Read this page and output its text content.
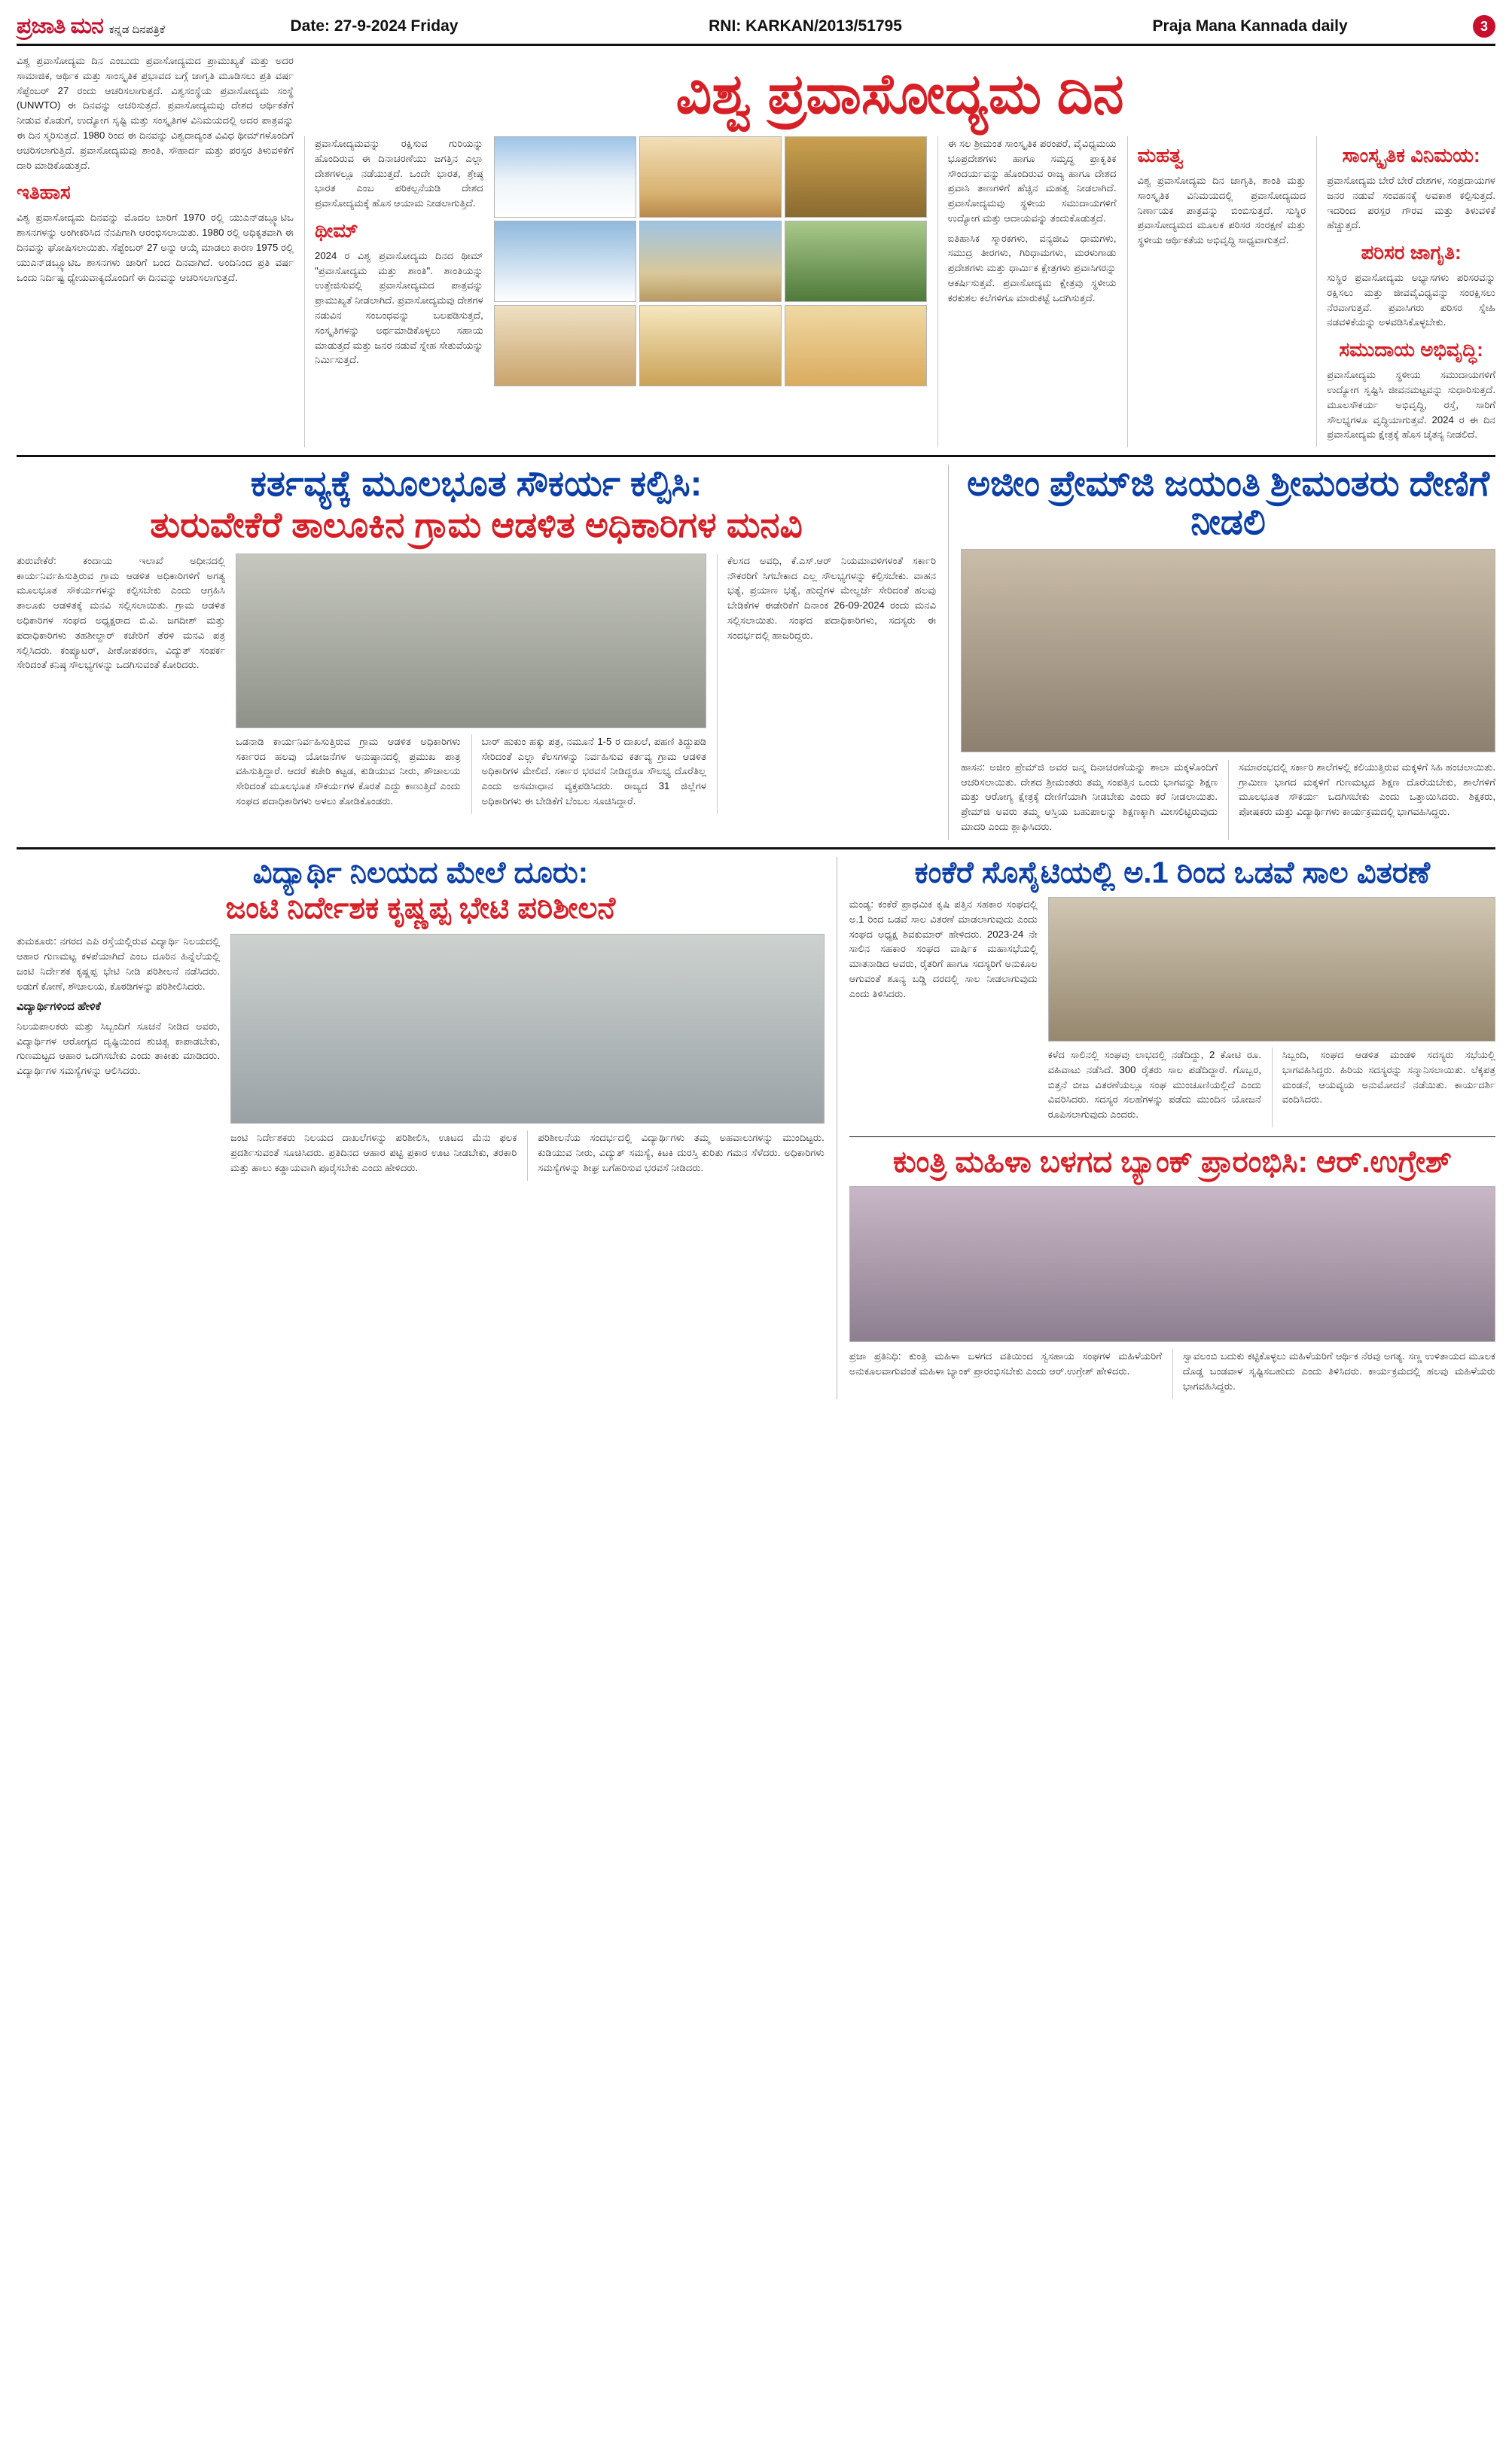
ಪ್ರಜಾತಿ ಮನ ಕನ್ನಡ ದಿನಪತ್ರಿಕೆ	Date: 27-9-2024 Friday	RNI: KARKAN/2013/51795	Praja Mana Kannada daily	3

ವಿಶ್ವ ಪ್ರವಾಸೋದ್ಯಮ ದಿನ ಎಂಬುದು ಪ್ರವಾಸೋದ್ಯಮದ ಪ್ರಾಮುಖ್ಯತೆ ಮತ್ತು ಅದರ ಸಾಮಾಜಿಕ, ಆರ್ಥಿಕ ಮತ್ತು ಸಾಂಸ್ಕೃತಿಕ ಪ್ರಭಾವದ ಬಗ್ಗೆ ಜಾಗೃತಿ ಮೂಡಿಸಲು ಪ್ರತಿ ವರ್ಷ ಸೆಪ್ಟೆಂಬರ್ 27 ರಂದು ಆಚರಿಸಲಾಗುತ್ತದೆ. ವಿಶ್ವಸಂಸ್ಥೆಯ ಪ್ರವಾಸೋದ್ಯಮ ಸಂಸ್ಥೆ (UNWTO) ಈ ದಿನವನ್ನು ಆಚರಿಸುತ್ತದೆ. ಪ್ರವಾಸೋದ್ಯಮವು ದೇಶದ ಆರ್ಥಿಕತೆಗೆ ನೀಡುವ ಕೊಡುಗೆ, ಉದ್ಯೋಗ ಸೃಷ್ಟಿ ಮತ್ತು ಸಂಸ್ಕೃತಿಗಳ ವಿನಿಮಯದಲ್ಲಿ ಅದರ ಪಾತ್ರವನ್ನು ಈ ದಿನ ಸ್ಮರಿಸುತ್ತದೆ. 1980 ರಿಂದ ಈ ದಿನವನ್ನು ವಿಶ್ವದಾದ್ಯಂತ ವಿವಿಧ ಥೀಮ್‌ಗಳೊಂದಿಗೆ ಆಚರಿಸಲಾಗುತ್ತಿದೆ. ಪ್ರವಾಸೋದ್ಯಮವು ಶಾಂತಿ, ಸೌಹಾರ್ದ ಮತ್ತು ಪರಸ್ಪರ ತಿಳುವಳಿಕೆಗೆ ದಾರಿ ಮಾಡಿಕೊಡುತ್ತದೆ.

ಇತಿಹಾಸ

ವಿಶ್ವ ಪ್ರವಾಸೋದ್ಯಮ ದಿನವನ್ನು ಮೊದಲ ಬಾರಿಗೆ 1970 ರಲ್ಲಿ ಯುಎನ್‌ಡಬ್ಲ್ಯೂಟಿಒ ಶಾಸನಗಳನ್ನು ಅಂಗೀಕರಿಸಿದ ನೆನಪಿಗಾಗಿ ಆರಂಭಿಸಲಾಯಿತು. 1980 ರಲ್ಲಿ ಅಧಿಕೃತವಾಗಿ ಈ ದಿನವನ್ನು ಘೋಷಿಸಲಾಯಿತು. ಸೆಪ್ಟೆಂಬರ್ 27 ಅನ್ನು ಆಯ್ಕೆ ಮಾಡಲು ಕಾರಣ 1975 ರಲ್ಲಿ ಯುಎನ್‌ಡಬ್ಲ್ಯೂಟಿಒ ಶಾಸನಗಳು ಜಾರಿಗೆ ಬಂದ ದಿನವಾಗಿದೆ. ಅಂದಿನಿಂದ ಪ್ರತಿ ವರ್ಷ ಒಂದು ನಿರ್ದಿಷ್ಟ ಧ್ಯೇಯವಾಕ್ಯದೊಂದಿಗೆ ಈ ದಿನವನ್ನು ಆಚರಿಸಲಾಗುತ್ತದೆ.

ವಿಶ್ವ ಪ್ರವಾಸೋದ್ಯಮ ದಿನ

ಪ್ರವಾಸೋದ್ಯಮವನ್ನು ರಕ್ಷಿಸುವ ಗುರಿಯನ್ನು ಹೊಂದಿರುವ ಈ ದಿನಾಚರಣೆಯು ಜಗತ್ತಿನ ಎಲ್ಲಾ ದೇಶಗಳಲ್ಲೂ ನಡೆಯುತ್ತದೆ. ಒಂದೇ ಭಾರತ, ಶ್ರೇಷ್ಠ ಭಾರತ ಎಂಬ ಪರಿಕಲ್ಪನೆಯಡಿ ದೇಶದ ಪ್ರವಾಸೋದ್ಯಮಕ್ಕೆ ಹೊಸ ಆಯಾಮ ನೀಡಲಾಗುತ್ತಿದೆ.

ಥೀಮ್

2024 ರ ವಿಶ್ವ ಪ್ರವಾಸೋದ್ಯಮ ದಿನದ ಥೀಮ್ "ಪ್ರವಾಸೋದ್ಯಮ ಮತ್ತು ಶಾಂತಿ". ಶಾಂತಿಯನ್ನು ಉತ್ತೇಜಿಸುವಲ್ಲಿ ಪ್ರವಾಸೋದ್ಯಮದ ಪಾತ್ರವನ್ನು ಪ್ರಾಮುಖ್ಯತೆ ನೀಡಲಾಗಿದೆ. ಪ್ರವಾಸೋದ್ಯಮವು ದೇಶಗಳ ನಡುವಿನ ಸಂಬಂಧವನ್ನು ಬಲಪಡಿಸುತ್ತದೆ, ಸಂಸ್ಕೃತಿಗಳನ್ನು ಅರ್ಥಮಾಡಿಕೊಳ್ಳಲು ಸಹಾಯ ಮಾಡುತ್ತದೆ ಮತ್ತು ಜನರ ನಡುವೆ ಸ್ನೇಹ ಸೇತುವೆಯನ್ನು ನಿರ್ಮಿಸುತ್ತದೆ.

ಈ ಸಲ ಶ್ರೀಮಂತ ಸಾಂಸ್ಕೃತಿಕ ಪರಂಪರೆ, ವೈವಿಧ್ಯಮಯ ಭೂಪ್ರದೇಶಗಳು ಹಾಗೂ ಸಮೃದ್ಧ ಪ್ರಾಕೃತಿಕ ಸೌಂದರ್ಯವನ್ನು ಹೊಂದಿರುವ ರಾಜ್ಯ ಹಾಗೂ ದೇಶದ ಪ್ರವಾಸಿ ತಾಣಗಳಿಗೆ ಹೆಚ್ಚಿನ ಮಹತ್ವ ನೀಡಲಾಗಿದೆ. ಪ್ರವಾಸೋದ್ಯಮವು ಸ್ಥಳೀಯ ಸಮುದಾಯಗಳಿಗೆ ಉದ್ಯೋಗ ಮತ್ತು ಆದಾಯವನ್ನು ತಂದುಕೊಡುತ್ತದೆ.

ಐತಿಹಾಸಿಕ ಸ್ಮಾರಕಗಳು, ವನ್ಯಜೀವಿ ಧಾಮಗಳು, ಸಮುದ್ರ ತೀರಗಳು, ಗಿರಿಧಾಮಗಳು, ಮರಳುಗಾಡು ಪ್ರದೇಶಗಳು ಮತ್ತು ಧಾರ್ಮಿಕ ಕ್ಷೇತ್ರಗಳು ಪ್ರವಾಸಿಗರನ್ನು ಆಕರ್ಷಿಸುತ್ತವೆ. ಪ್ರವಾಸೋದ್ಯಮ ಕ್ಷೇತ್ರವು ಸ್ಥಳೀಯ ಕರಕುಶಲ ಕಲೆಗಳಿಗೂ ಮಾರುಕಟ್ಟೆ ಒದಗಿಸುತ್ತದೆ.

ಮಹತ್ವ

ವಿಶ್ವ ಪ್ರವಾಸೋದ್ಯಮ ದಿನ ಜಾಗೃತಿ, ಶಾಂತಿ ಮತ್ತು ಸಾಂಸ್ಕೃತಿಕ ವಿನಿಮಯದಲ್ಲಿ ಪ್ರವಾಸೋದ್ಯಮದ ನಿರ್ಣಾಯಕ ಪಾತ್ರವನ್ನು ಬಿಂಬಿಸುತ್ತದೆ. ಸುಸ್ಥಿರ ಪ್ರವಾಸೋದ್ಯಮದ ಮೂಲಕ ಪರಿಸರ ಸಂರಕ್ಷಣೆ ಮತ್ತು ಸ್ಥಳೀಯ ಆರ್ಥಿಕತೆಯ ಅಭಿವೃದ್ಧಿ ಸಾಧ್ಯವಾಗುತ್ತದೆ.

ಸಾಂಸ್ಕೃತಿಕ ವಿನಿಮಯ:

ಪ್ರವಾಸೋದ್ಯಮ ಬೇರೆ ಬೇರೆ ದೇಶಗಳ, ಸಂಪ್ರದಾಯಗಳ ಜನರ ನಡುವೆ ಸಂವಹನಕ್ಕೆ ಅವಕಾಶ ಕಲ್ಪಿಸುತ್ತದೆ. ಇದರಿಂದ ಪರಸ್ಪರ ಗೌರವ ಮತ್ತು ತಿಳುವಳಿಕೆ ಹೆಚ್ಚುತ್ತದೆ.

ಪರಿಸರ ಜಾಗೃತಿ:

ಸುಸ್ಥಿರ ಪ್ರವಾಸೋದ್ಯಮ ಅಭ್ಯಾಸಗಳು ಪರಿಸರವನ್ನು ರಕ್ಷಿಸಲು ಮತ್ತು ಜೀವವೈವಿಧ್ಯವನ್ನು ಸಂರಕ್ಷಿಸಲು ನೆರವಾಗುತ್ತವೆ. ಪ್ರವಾಸಿಗರು ಪರಿಸರ ಸ್ನೇಹಿ ನಡವಳಿಕೆಯನ್ನು ಅಳವಡಿಸಿಕೊಳ್ಳಬೇಕು.

ಸಮುದಾಯ ಅಭಿವೃದ್ಧಿ:

ಪ್ರವಾಸೋದ್ಯಮ ಸ್ಥಳೀಯ ಸಮುದಾಯಗಳಿಗೆ ಉದ್ಯೋಗ ಸೃಷ್ಟಿಸಿ ಜೀವನಮಟ್ಟವನ್ನು ಸುಧಾರಿಸುತ್ತದೆ. ಮೂಲಸೌಕರ್ಯ ಅಭಿವೃದ್ಧಿ, ರಸ್ತೆ, ಸಾರಿಗೆ ಸೌಲಭ್ಯಗಳೂ ವೃದ್ಧಿಯಾಗುತ್ತವೆ. 2024 ರ ಈ ದಿನ ಪ್ರವಾಸೋದ್ಯಮ ಕ್ಷೇತ್ರಕ್ಕೆ ಹೊಸ ಚೈತನ್ಯ ನೀಡಲಿದೆ.

ಕರ್ತವ್ಯಕ್ಕೆ ಮೂಲಭೂತ ಸೌಕರ್ಯ ಕಲ್ಪಿಸಿ:
ತುರುವೇಕೆರೆ ತಾಲೂಕಿನ ಗ್ರಾಮ ಆಡಳಿತ ಅಧಿಕಾರಿಗಳ ಮನವಿ

ತುರುವೇಕೆರೆ: ಕಂದಾಯ ಇಲಾಖೆ ಅಧೀನದಲ್ಲಿ ಕಾರ್ಯನಿರ್ವಹಿಸುತ್ತಿರುವ ಗ್ರಾಮ ಆಡಳಿತ ಅಧಿಕಾರಿಗಳಿಗೆ ಅಗತ್ಯ ಮೂಲಭೂತ ಸೌಕರ್ಯಗಳನ್ನು ಕಲ್ಪಿಸಬೇಕು ಎಂದು ಆಗ್ರಹಿಸಿ ತಾಲೂಕು ಆಡಳಿತಕ್ಕೆ ಮನವಿ ಸಲ್ಲಿಸಲಾಯಿತು. ಗ್ರಾಮ ಆಡಳಿತ ಅಧಿಕಾರಿಗಳ ಸಂಘದ ಅಧ್ಯಕ್ಷರಾದ ಬಿ.ವಿ. ಜಗದೀಶ್ ಮತ್ತು ಪದಾಧಿಕಾರಿಗಳು ತಹಶೀಲ್ದಾರ್ ಕಚೇರಿಗೆ ತೆರಳಿ ಮನವಿ ಪತ್ರ ಸಲ್ಲಿಸಿದರು. ಕಂಪ್ಯೂಟರ್, ಪೀಠೋಪಕರಣ, ವಿದ್ಯುತ್ ಸಂಪರ್ಕ ಸೇರಿದಂತೆ ಕನಿಷ್ಠ ಸೌಲಭ್ಯಗಳನ್ನು ಒದಗಿಸುವಂತೆ ಕೋರಿದರು.

ಒಡನಾಡಿ ಕಾರ್ಯನಿರ್ವಹಿಸುತ್ತಿರುವ ಗ್ರಾಮ ಆಡಳಿತ ಅಧಿಕಾರಿಗಳು ಸರ್ಕಾರದ ಹಲವು ಯೋಜನೆಗಳ ಅನುಷ್ಠಾನದಲ್ಲಿ ಪ್ರಮುಖ ಪಾತ್ರ ವಹಿಸುತ್ತಿದ್ದಾರೆ. ಆದರೆ ಕಚೇರಿ ಕಟ್ಟಡ, ಕುಡಿಯುವ ನೀರು, ಶೌಚಾಲಯ ಸೇರಿದಂತೆ ಮೂಲಭೂತ ಸೌಕರ್ಯಗಳ ಕೊರತೆ ಎದ್ದು ಕಾಣುತ್ತಿದೆ ಎಂದು ಸಂಘದ ಪದಾಧಿಕಾರಿಗಳು ಅಳಲು ತೋಡಿಕೊಂಡರು.

ಬಾರ್ ಹುಕುಂ ಹಕ್ಕು ಪತ್ರ, ನಮೂನೆ 1-5 ರ ದಾಖಲೆ, ಪಹಣಿ ತಿದ್ದುಪಡಿ ಸೇರಿದಂತೆ ಎಲ್ಲಾ ಕೆಲಸಗಳನ್ನು ನಿರ್ವಹಿಸುವ ಕರ್ತವ್ಯ ಗ್ರಾಮ ಆಡಳಿತ ಅಧಿಕಾರಿಗಳ ಮೇಲಿದೆ. ಸರ್ಕಾರ ಭರವಸೆ ನೀಡಿದ್ದರೂ ಸೌಲಭ್ಯ ದೊರೆತಿಲ್ಲ ಎಂದು ಅಸಮಾಧಾನ ವ್ಯಕ್ತಪಡಿಸಿದರು. ರಾಜ್ಯದ 31 ಜಿಲ್ಲೆಗಳ ಅಧಿಕಾರಿಗಳು ಈ ಬೇಡಿಕೆಗೆ ಬೆಂಬಲ ಸೂಚಿಸಿದ್ದಾರೆ.

ಕೆಲಸದ ಅವಧಿ, ಕೆ.ಎಸ್.ಆರ್ ನಿಯಮಾವಳಿಗಳಂತೆ ಸರ್ಕಾರಿ ನೌಕರರಿಗೆ ಸಿಗಬೇಕಾದ ಎಲ್ಲ ಸೌಲಭ್ಯಗಳನ್ನು ಕಲ್ಪಿಸಬೇಕು. ವಾಹನ ಭತ್ಯೆ, ಪ್ರಯಾಣ ಭತ್ಯೆ, ಹುದ್ದೆಗಳ ಮೇಲ್ದರ್ಜೆ ಸೇರಿದಂತೆ ಹಲವು ಬೇಡಿಕೆಗಳ ಈಡೇರಿಕೆಗೆ ದಿನಾಂಕ 26-09-2024 ರಂದು ಮನವಿ ಸಲ್ಲಿಸಲಾಯಿತು. ಸಂಘದ ಪದಾಧಿಕಾರಿಗಳು, ಸದಸ್ಯರು ಈ ಸಂದರ್ಭದಲ್ಲಿ ಹಾಜರಿದ್ದರು.

ಅಜೀಂ ಪ್ರೇಮ್‌ಜಿ ಜಯಂತಿ ಶ್ರೀಮಂತರು ದೇಣಿಗೆ ನೀಡಲಿ

ಹಾಸನ: ಅಜೀಂ ಪ್ರೇಮ್‌ಜಿ ಅವರ ಜನ್ಮ ದಿನಾಚರಣೆಯನ್ನು ಶಾಲಾ ಮಕ್ಕಳೊಂದಿಗೆ ಆಚರಿಸಲಾಯಿತು. ದೇಶದ ಶ್ರೀಮಂತರು ತಮ್ಮ ಸಂಪತ್ತಿನ ಒಂದು ಭಾಗವನ್ನು ಶಿಕ್ಷಣ ಮತ್ತು ಆರೋಗ್ಯ ಕ್ಷೇತ್ರಕ್ಕೆ ದೇಣಿಗೆಯಾಗಿ ನೀಡಬೇಕು ಎಂದು ಕರೆ ನೀಡಲಾಯಿತು. ಪ್ರೇಮ್‌ಜಿ ಅವರು ತಮ್ಮ ಆಸ್ತಿಯ ಬಹುಪಾಲನ್ನು ಶಿಕ್ಷಣಕ್ಕಾಗಿ ಮೀಸಲಿಟ್ಟಿರುವುದು ಮಾದರಿ ಎಂದು ಶ್ಲಾಘಿಸಿದರು.

ಸಮಾರಂಭದಲ್ಲಿ ಸರ್ಕಾರಿ ಶಾಲೆಗಳಲ್ಲಿ ಕಲಿಯುತ್ತಿರುವ ಮಕ್ಕಳಿಗೆ ಸಿಹಿ ಹಂಚಲಾಯಿತು. ಗ್ರಾಮೀಣ ಭಾಗದ ಮಕ್ಕಳಿಗೆ ಗುಣಮಟ್ಟದ ಶಿಕ್ಷಣ ದೊರೆಯಬೇಕು, ಶಾಲೆಗಳಿಗೆ ಮೂಲಭೂತ ಸೌಕರ್ಯ ಒದಗಿಸಬೇಕು ಎಂದು ಒತ್ತಾಯಿಸಿದರು. ಶಿಕ್ಷಕರು, ಪೋಷಕರು ಮತ್ತು ವಿದ್ಯಾರ್ಥಿಗಳು ಕಾರ್ಯಕ್ರಮದಲ್ಲಿ ಭಾಗವಹಿಸಿದ್ದರು.

ವಿದ್ಯಾರ್ಥಿ ನಿಲಯದ ಮೇಲೆ ದೂರು:
ಜಂಟಿ ನಿರ್ದೇಶಕ ಕೃಷ್ಣಪ್ಪ ಭೇಟಿ ಪರಿಶೀಲನೆ

ತುಮಕೂರು: ನಗರದ ಎಪಿ ರಸ್ತೆಯಲ್ಲಿರುವ ವಿದ್ಯಾರ್ಥಿ ನಿಲಯದಲ್ಲಿ ಆಹಾರ ಗುಣಮಟ್ಟ ಕಳಪೆಯಾಗಿದೆ ಎಂಬ ದೂರಿನ ಹಿನ್ನೆಲೆಯಲ್ಲಿ ಜಂಟಿ ನಿರ್ದೇಶಕ ಕೃಷ್ಣಪ್ಪ ಭೇಟಿ ನೀಡಿ ಪರಿಶೀಲನೆ ನಡೆಸಿದರು. ಅಡುಗೆ ಕೋಣೆ, ಶೌಚಾಲಯ, ಕೊಠಡಿಗಳನ್ನು ಪರಿಶೀಲಿಸಿದರು.

ವಿದ್ಯಾರ್ಥಿಗಳಿಂದ ಹೇಳಿಕೆ

ನಿಲಯಪಾಲಕರು ಮತ್ತು ಸಿಬ್ಬಂದಿಗೆ ಸೂಚನೆ ನೀಡಿದ ಅವರು, ವಿದ್ಯಾರ್ಥಿಗಳ ಆರೋಗ್ಯದ ದೃಷ್ಟಿಯಿಂದ ಶುಚಿತ್ವ ಕಾಪಾಡಬೇಕು, ಗುಣಮಟ್ಟದ ಆಹಾರ ಒದಗಿಸಬೇಕು ಎಂದು ತಾಕೀತು ಮಾಡಿದರು. ವಿದ್ಯಾರ್ಥಿಗಳ ಸಮಸ್ಯೆಗಳನ್ನು ಆಲಿಸಿದರು.

ಜಂಟಿ ನಿರ್ದೇಶಕರು ನಿಲಯದ ದಾಖಲೆಗಳನ್ನು ಪರಿಶೀಲಿಸಿ, ಊಟದ ಮೆನು ಫಲಕ ಪ್ರದರ್ಶಿಸುವಂತೆ ಸೂಚಿಸಿದರು. ಪ್ರತಿದಿನದ ಆಹಾರ ಪಟ್ಟಿ ಪ್ರಕಾರ ಊಟ ನೀಡಬೇಕು, ತರಕಾರಿ ಮತ್ತು ಹಾಲು ಕಡ್ಡಾಯವಾಗಿ ಪೂರೈಸಬೇಕು ಎಂದು ಹೇಳಿದರು.

ಪರಿಶೀಲನೆಯ ಸಂದರ್ಭದಲ್ಲಿ ವಿದ್ಯಾರ್ಥಿಗಳು ತಮ್ಮ ಅಹವಾಲುಗಳನ್ನು ಮುಂದಿಟ್ಟರು. ಕುಡಿಯುವ ನೀರು, ವಿದ್ಯುತ್ ಸಮಸ್ಯೆ, ಕಿಟಕಿ ದುರಸ್ತಿ ಕುರಿತು ಗಮನ ಸೆಳೆದರು. ಅಧಿಕಾರಿಗಳು ಸಮಸ್ಯೆಗಳನ್ನು ಶೀಘ್ರ ಬಗೆಹರಿಸುವ ಭರವಸೆ ನೀಡಿದರು.

ಕಂಕೆರೆ ಸೊಸೈಟಿಯಲ್ಲಿ ಅ.1 ರಿಂದ ಒಡವೆ ಸಾಲ ವಿತರಣೆ

ಮಂಡ್ಯ: ಕಂಕೆರೆ ಪ್ರಾಥಮಿಕ ಕೃಷಿ ಪತ್ತಿನ ಸಹಕಾರ ಸಂಘದಲ್ಲಿ ಅ.1 ರಿಂದ ಒಡವೆ ಸಾಲ ವಿತರಣೆ ಮಾಡಲಾಗುವುದು ಎಂದು ಸಂಘದ ಅಧ್ಯಕ್ಷ ಶಿವಕುಮಾರ್ ಹೇಳಿದರು. 2023-24 ನೇ ಸಾಲಿನ ಸಹಕಾರ ಸಂಘದ ವಾರ್ಷಿಕ ಮಹಾಸಭೆಯಲ್ಲಿ ಮಾತನಾಡಿದ ಅವರು, ರೈತರಿಗೆ ಹಾಗೂ ಸದಸ್ಯರಿಗೆ ಅನುಕೂಲ ಆಗುವಂತೆ ಶೂನ್ಯ ಬಡ್ಡಿ ದರದಲ್ಲಿ ಸಾಲ ನೀಡಲಾಗುವುದು ಎಂದು ತಿಳಿಸಿದರು.

ಕಳೆದ ಸಾಲಿನಲ್ಲಿ ಸಂಘವು ಲಾಭದಲ್ಲಿ ನಡೆದಿದ್ದು, 2 ಕೋಟಿ ರೂ. ವಹಿವಾಟು ನಡೆಸಿದೆ. 300 ರೈತರು ಸಾಲ ಪಡೆದಿದ್ದಾರೆ. ಗೊಬ್ಬರ, ಬಿತ್ತನೆ ಬೀಜ ವಿತರಣೆಯಲ್ಲೂ ಸಂಘ ಮುಂಚೂಣಿಯಲ್ಲಿದೆ ಎಂದು ವಿವರಿಸಿದರು. ಸದಸ್ಯರ ಸಲಹೆಗಳನ್ನು ಪಡೆದು ಮುಂದಿನ ಯೋಜನೆ ರೂಪಿಸಲಾಗುವುದು ಎಂದರು.

ಸಿಬ್ಬಂದಿ, ಸಂಘದ ಆಡಳಿತ ಮಂಡಳಿ ಸದಸ್ಯರು ಸಭೆಯಲ್ಲಿ ಭಾಗವಹಿಸಿದ್ದರು. ಹಿರಿಯ ಸದಸ್ಯರನ್ನು ಸನ್ಮಾನಿಸಲಾಯಿತು. ಲೆಕ್ಕಪತ್ರ ಮಂಡನೆ, ಆಯವ್ಯಯ ಅನುಮೋದನೆ ನಡೆಯಿತು. ಕಾರ್ಯದರ್ಶಿ ವಂದಿಸಿದರು.

ಕುಂತ್ರಿ ಮಹಿಳಾ ಬಳಗದ ಬ್ಯಾಂಕ್ ಪ್ರಾರಂಭಿಸಿ: ಆರ್.ಉಗ್ರೇಶ್

ಪ್ರಜಾ ಪ್ರತಿನಿಧಿ: ಕುಂತ್ರಿ ಮಹಿಳಾ ಬಳಗದ ವತಿಯಿಂದ ಸ್ವಸಹಾಯ ಸಂಘಗಳ ಮಹಿಳೆಯರಿಗೆ ಅನುಕೂಲವಾಗುವಂತೆ ಮಹಿಳಾ ಬ್ಯಾಂಕ್ ಪ್ರಾರಂಭಿಸಬೇಕು ಎಂದು ಆರ್.ಉಗ್ರೇಶ್ ಹೇಳಿದರು.

ಸ್ವಾವಲಂಬಿ ಬದುಕು ಕಟ್ಟಿಕೊಳ್ಳಲು ಮಹಿಳೆಯರಿಗೆ ಆರ್ಥಿಕ ನೆರವು ಅಗತ್ಯ. ಸಣ್ಣ ಉಳಿತಾಯದ ಮೂಲಕ ದೊಡ್ಡ ಬಂಡವಾಳ ಸೃಷ್ಟಿಸಬಹುದು ಎಂದು ತಿಳಿಸಿದರು. ಕಾರ್ಯಕ್ರಮದಲ್ಲಿ ಹಲವು ಮಹಿಳೆಯರು ಭಾಗವಹಿಸಿದ್ದರು.
